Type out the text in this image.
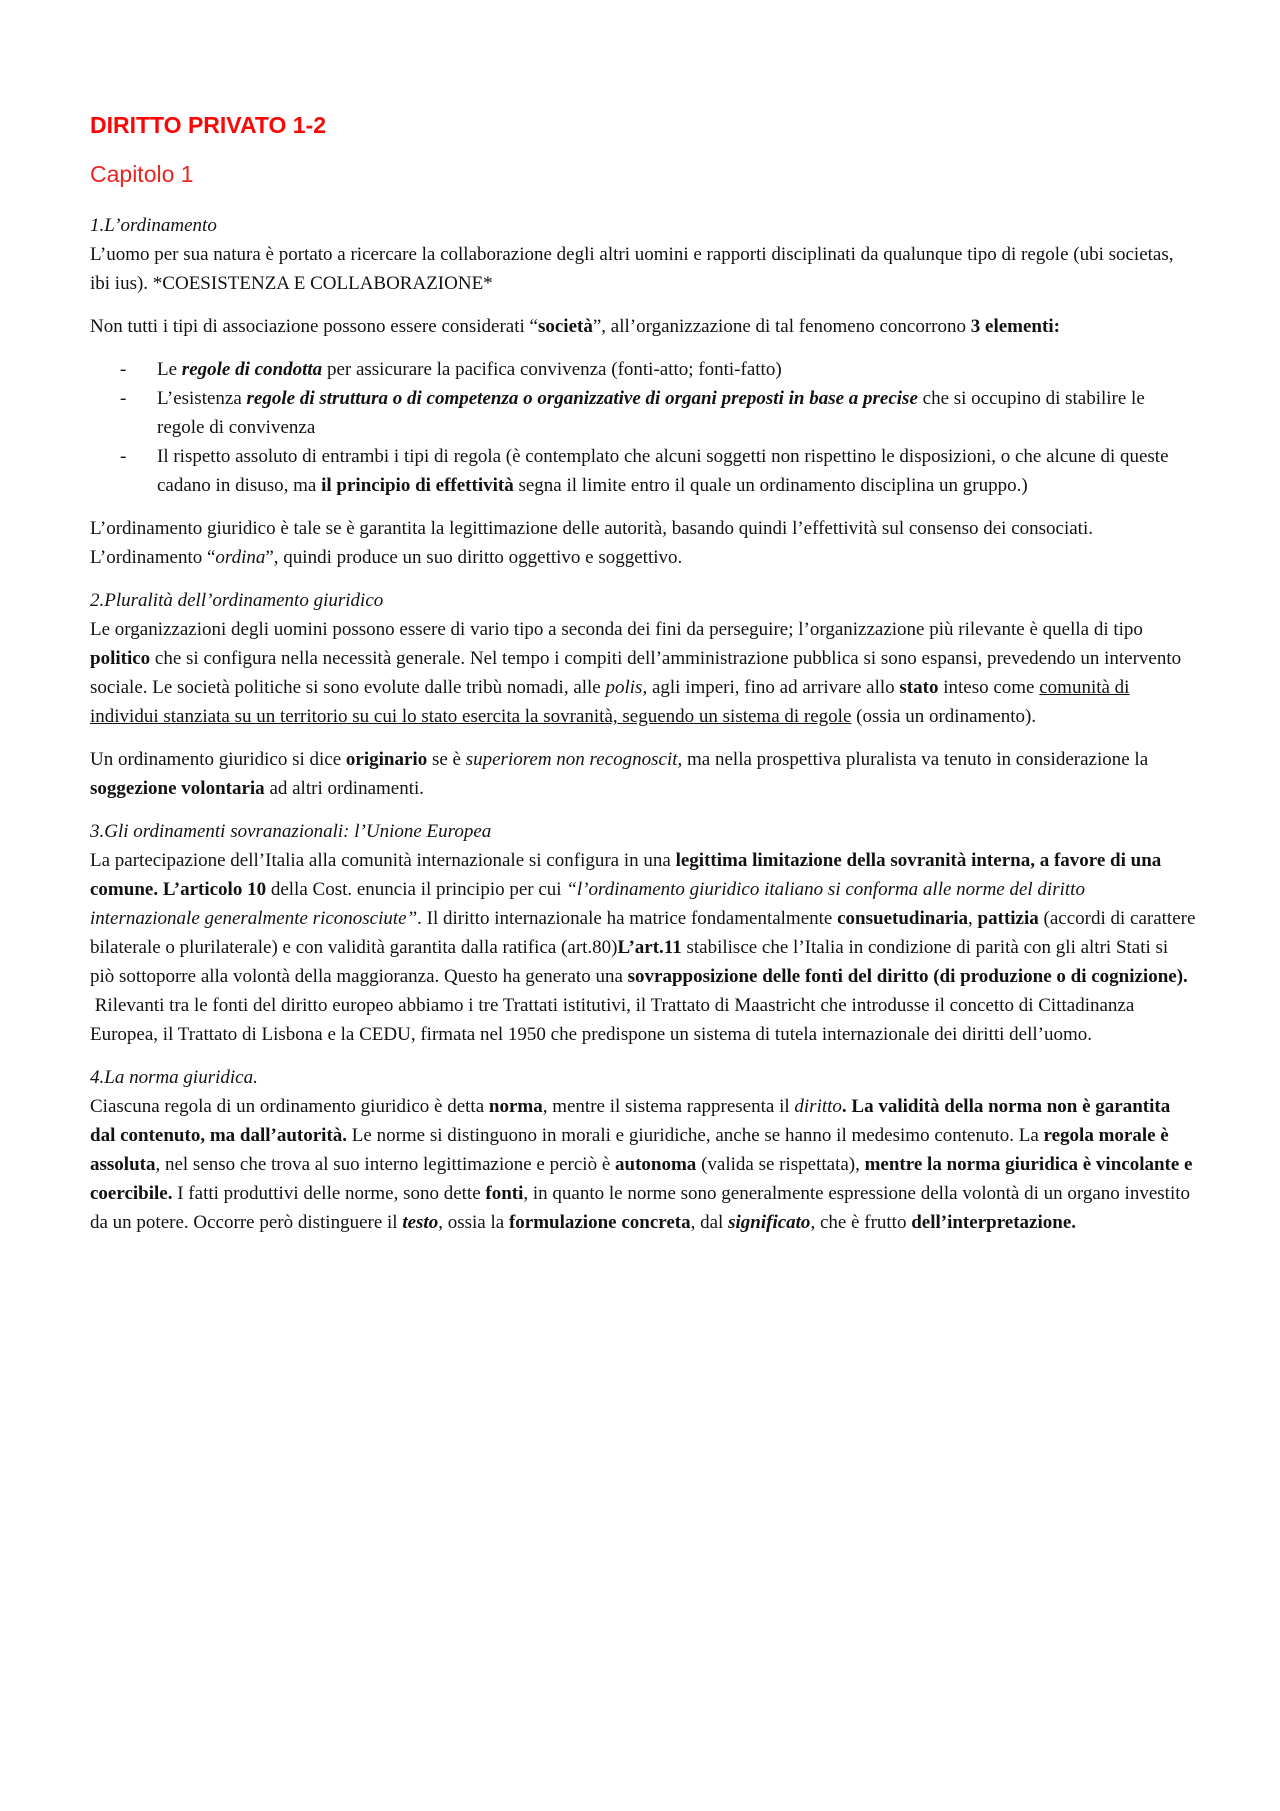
DIRITTO PRIVATO 1-2
Capitolo 1

1.L’ordinamento

L’uomo per sua natura è portato a ricercare la collaborazione degli altri uomini e rapporti disciplinati da qualunque tipo di regole (ubi societas, ibi ius). *COESISTENZA E COLLABORAZIONE*

Non tutti i tipi di associazione possono essere considerati “società”, all’organizzazione di tal fenomeno concorrono 3 elementi:

- Le regole di condotta per assicurare la pacifica convivenza (fonti-atto; fonti-fatto)
- L’esistenza regole di struttura o di competenza o organizzative di organi preposti in base a precise che si occupino di stabilire le regole di convivenza
- Il rispetto assoluto di entrambi i tipi di regola (è contemplato che alcuni soggetti non rispettino le disposizioni, o che alcune di queste cadano in disuso, ma il principio di effettività segna il limite entro il quale un ordinamento disciplina un gruppo.)

L’ordinamento giuridico è tale se è garantita la legittimazione delle autorità, basando quindi l’effettività sul consenso dei consociati. L’ordinamento “ordina”, quindi produce un suo diritto oggettivo e soggettivo.

2.Pluralità dell’ordinamento giuridico

Le organizzazioni degli uomini possono essere di vario tipo a seconda dei fini da perseguire; l’organizzazione più rilevante è quella di tipo politico che si configura nella necessità generale. Nel tempo i compiti dell’amministrazione pubblica si sono espansi, prevedendo un intervento sociale. Le società politiche si sono evolute dalle tribù nomadi, alle polis, agli imperi, fino ad arrivare allo stato inteso come comunità di individui stanziata su un territorio su cui lo stato esercita la sovranità, seguendo un sistema di regole (ossia un ordinamento).

Un ordinamento giuridico si dice originario se è superiorem non recognoscit, ma nella prospettiva pluralista va tenuto in considerazione la soggezione volontaria ad altri ordinamenti.

3.Gli ordinamenti sovranazionali: l’Unione Europea

La partecipazione dell’Italia alla comunità internazionale si configura in una legittima limitazione della sovranità interna, a favore di una comune. L’articolo 10 della Cost. enuncia il principio per cui “l’ordinamento giuridico italiano si conforma alle norme del diritto internazionale generalmente riconosciute”. Il diritto internazionale ha matrice fondamentalmente consuetudinaria, pattizia (accordi di carattere bilaterale o plurilaterale) e con validità garantita dalla ratifica (art.80)L’art.11 stabilisce che l’Italia in condizione di parità con gli altri Stati si piò sottoporre alla volontà della maggioranza. Questo ha generato una sovrapposizione delle fonti del diritto (di produzione o di cognizione).  Rilevanti tra le fonti del diritto europeo abbiamo i tre Trattati istitutivi, il Trattato di Maastricht che introdusse il concetto di Cittadinanza Europea, il Trattato di Lisbona e la CEDU, firmata nel 1950 che predispone un sistema di tutela internazionale dei diritti dell’uomo.

4.La norma giuridica.

Ciascuna regola di un ordinamento giuridico è detta norma, mentre il sistema rappresenta il diritto. La validità della norma non è garantita dal contenuto, ma dall’autorità. Le norme si distinguono in morali e giuridiche, anche se hanno il medesimo contenuto. La regola morale è assoluta, nel senso che trova al suo interno legittimazione e perciò è autonoma (valida se rispettata), mentre la norma giuridica è vincolante e coercibile. I fatti produttivi delle norme, sono dette fonti, in quanto le norme sono generalmente espressione della volontà di un organo investito da un potere. Occorre però distinguere il testo, ossia la formulazione concreta, dal significato, che è frutto dell’interpretazione.
